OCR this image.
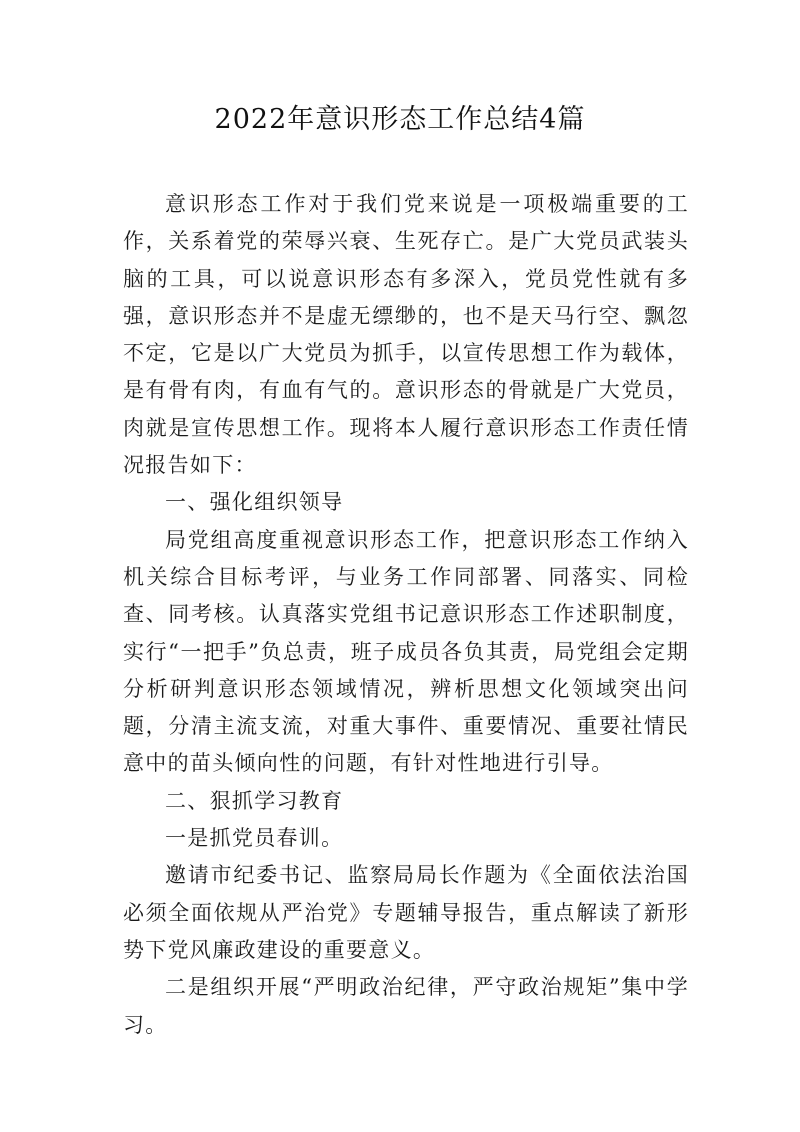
2022年意识形态工作总结4篇

意识形态工作对于我们党来说是一项极端重要的工作，关系着党的荣辱兴衰、生死存亡。是广大党员武装头脑的工具，可以说意识形态有多深入，党员党性就有多强，意识形态并不是虚无缥缈的，也不是天马行空、飘忽不定，它是以广大党员为抓手，以宣传思想工作为载体，是有骨有肉，有血有气的。意识形态的骨就是广大党员，肉就是宣传思想工作。现将本人履行意识形态工作责任情况报告如下：

一、强化组织领导

局党组高度重视意识形态工作，把意识形态工作纳入机关综合目标考评，与业务工作同部署、同落实、同检查、同考核。认真落实党组书记意识形态工作述职制度，实行“一把手”负总责，班子成员各负其责，局党组会定期分析研判意识形态领域情况，辨析思想文化领域突出问题，分清主流支流，对重大事件、重要情况、重要社情民意中的苗头倾向性的问题，有针对性地进行引导。

二、狠抓学习教育

一是抓党员春训。

邀请市纪委书记、监察局局长作题为《全面依法治国必须全面依规从严治党》专题辅导报告，重点解读了新形势下党风廉政建设的重要意义。

二是组织开展“严明政治纪律，严守政治规矩”集中学习。
